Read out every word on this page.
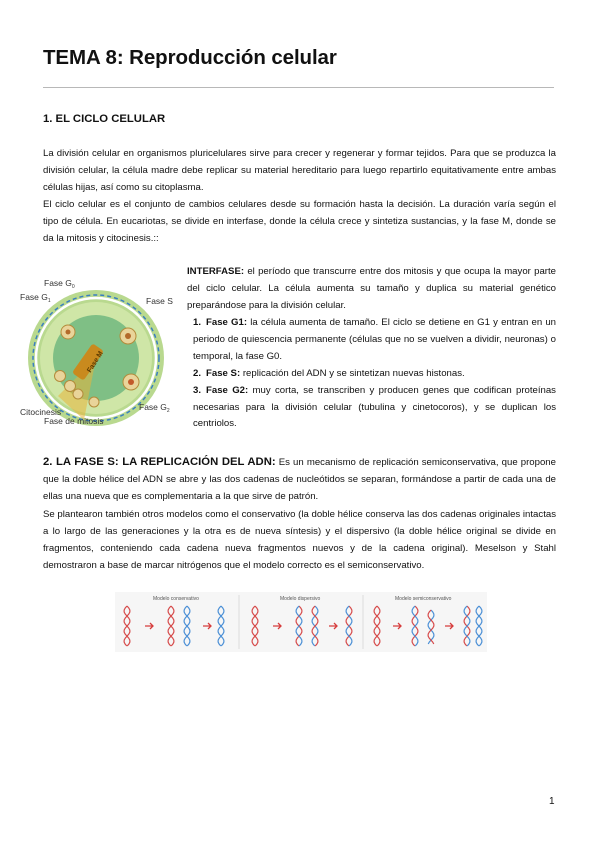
TEMA 8: Reproducción celular
1. EL CICLO CELULAR
La división celular en organismos pluricelulares sirve para crecer y regenerar y formar tejidos. Para que se produzca la división celular, la célula madre debe replicar su material hereditario para luego repartirlo equitativamente entre ambas células hijas, así como su citoplasma.
El ciclo celular es el conjunto de cambios celulares desde su formación hasta la decisión. La duración varía según el tipo de célula. En eucariotas, se divide en interfase, donde la célula crece y sintetiza sustancias, y la fase M, donde se da la mitosis y citocinesis.::
Fase M
Fase $G_0$
Fase $G_1$	Fase S
Fase $G_2$
Citocinesis
Fase de mitosis
INTERFASE: el período que transcurre entre dos mitosis y que ocupa la mayor parte del ciclo celular. La célula aumenta su tamaño y duplica su material genético preparándose para la división celular.
1. Fase G1: la célula aumenta de tamaño. El ciclo se detiene en G1 y entran en un periodo de quiescencia permanente (células que no se vuelven a dividir, neuronas) o temporal, la fase G0.
2. Fase S: replicación del ADN y se sintetizan nuevas histonas.
3. Fase G2: muy corta, se transcriben y producen genes que codifican proteínas necesarias para la división celular (tubulina y cinetocoros), y se duplican los centriolos.
2. LA FASE S: LA REPLICACIÓN DEL ADN: Es un mecanismo de replicación semiconservativa, que propone que la doble hélice del ADN se abre y las dos cadenas de nucleótidos se separan, formándose a partir de cada una de ellas una nueva que es complementaria a la que sirve de patrón.
Se plantearon también otros modelos como el conservativo (la doble hélice conserva las dos cadenas originales intactas a lo largo de las generaciones y la otra es de nueva síntesis) y el dispersivo (la doble hélice original se divide en fragmentos, conteniendo cada cadena nueva fragmentos nuevos y de la cadena original). Meselson y Stahl demostraron a base de marcar nitrógenos que el modelo correcto es el semiconservativo.
Modelo conservativo	Modelo dispersivo	Modelo semiconservativo
1
